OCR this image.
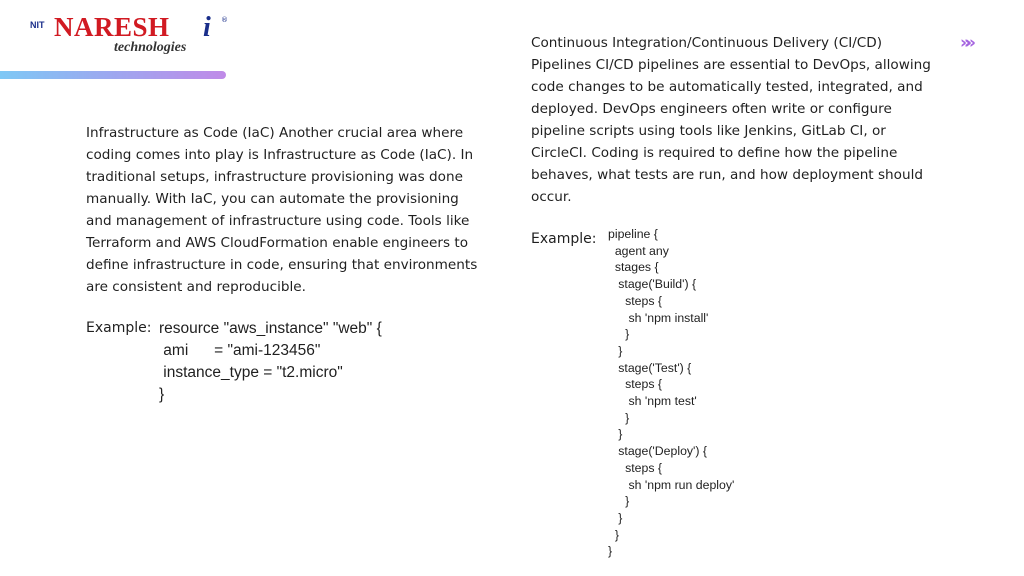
NIT NARESH i ®
technologies	»»

Infrastructure as Code (IaC) Another crucial area where coding comes into play is Infrastructure as Code (IaC). In traditional setups, infrastructure provisioning was done manually. With IaC, you can automate the provisioning and management of infrastructure using code. Tools like Terraform and AWS CloudFormation enable engineers to define infrastructure in code, ensuring that environments are consistent and reproducible.

Example: resource "aws_instance" "web" {
ami      = "ami-123456"
instance_type = "t2.micro"
}

Continuous Integration/Continuous Delivery (CI/CD) Pipelines CI/CD pipelines are essential to DevOps, allowing code changes to be automatically tested, integrated, and deployed. DevOps engineers often write or configure pipeline scripts using tools like Jenkins, GitLab CI, or CircleCI. Coding is required to define how the pipeline behaves, what tests are run, and how deployment should occur.

Example: pipeline {
agent any
stages {
stage('Build') {
steps {
sh 'npm install'
}
}
stage('Test') {
steps {
sh 'npm test'
}
}
stage('Deploy') {
steps {
sh 'npm run deploy'
}
}
}
}
